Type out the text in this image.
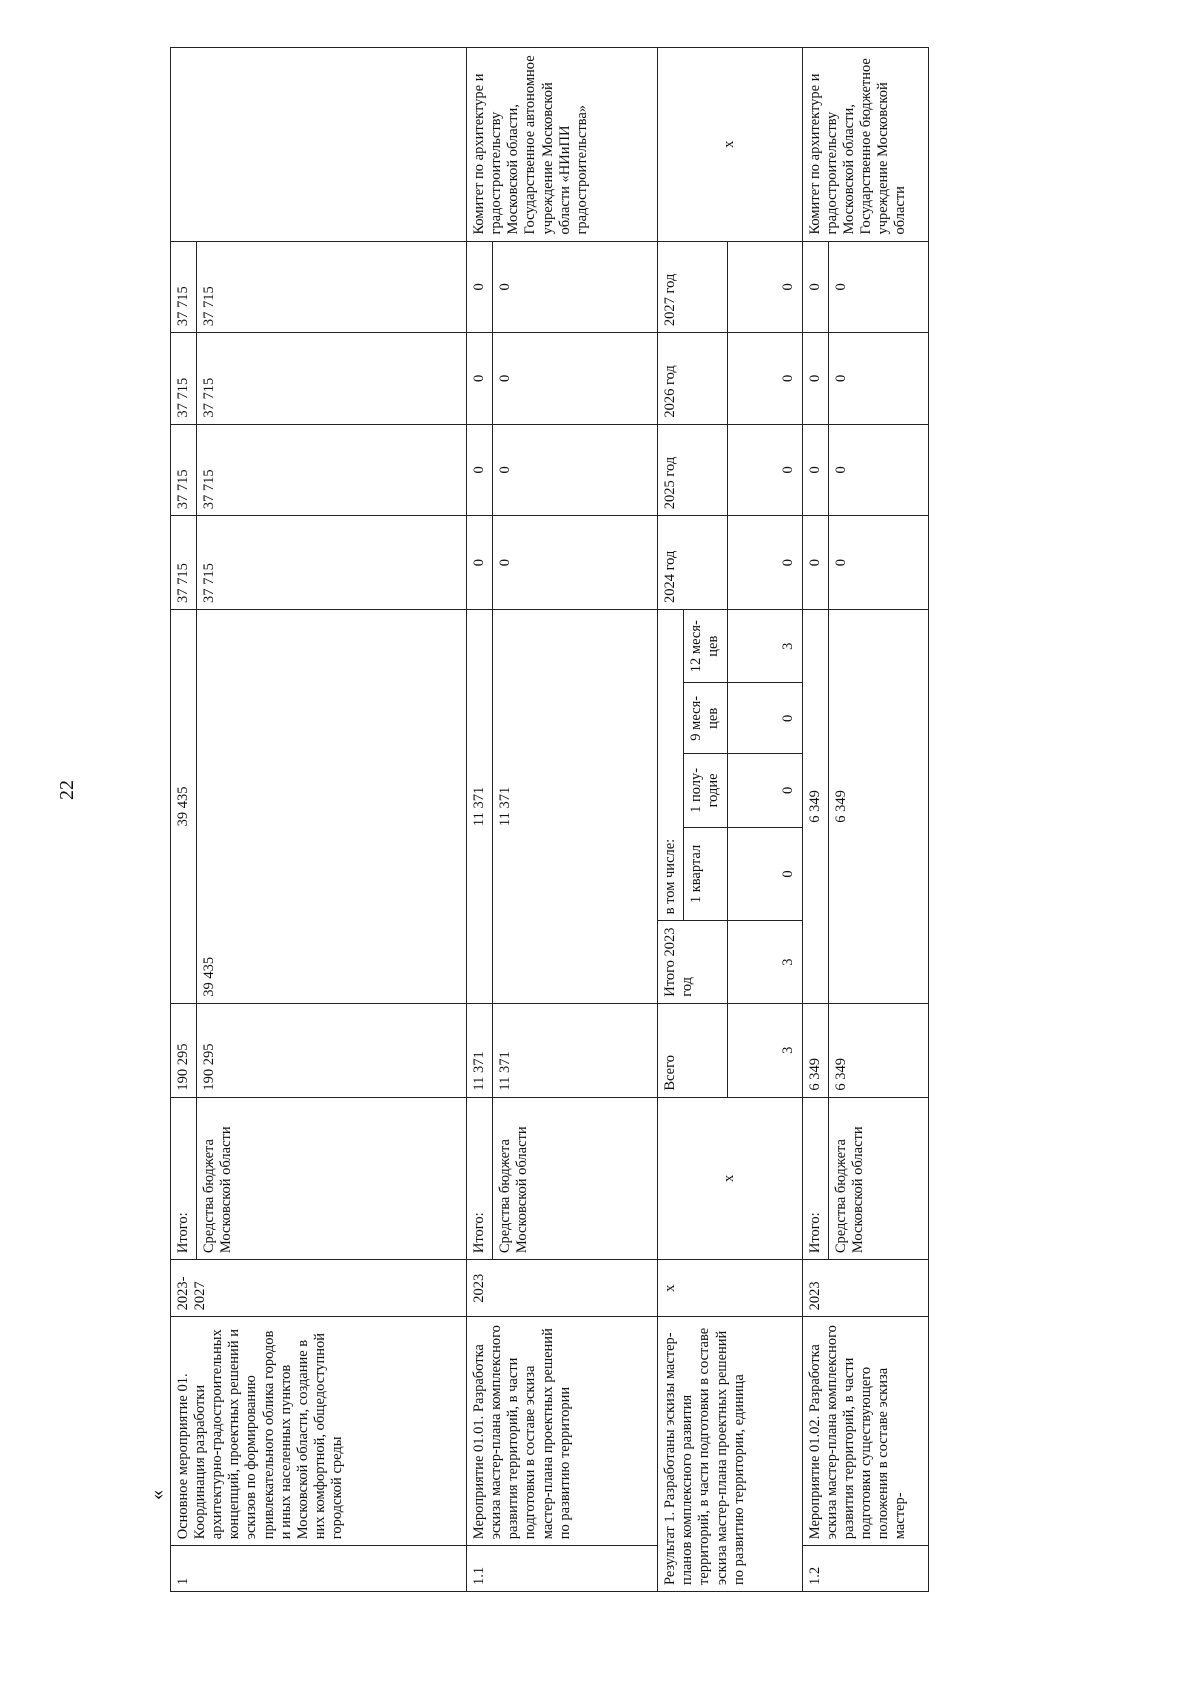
22
«
1	Основное мероприятие 01. Координация разработки архитектурно-градостроительных концепций, проектных решений и эскизов по формированию привлекательного облика городов и иных населенных пунктов Московской области, создание в них комфортной, общедоступной городской среды	2023-2027	Итого:	190 295	39 435					37 715	37 715	37 715	37 715	
			Средства бюджета Московской области	190 295	39 435					37 715	37 715	37 715	37 715	
1.1	Мероприятие 01.01. Разработка эскиза мастер-плана комплексного развития территорий, в части подготовки в составе эскиза мастер-плана проектных решений по развитию территории	2023	Итого:	11 371	11 371					0	0	0	0	Комитет по архитектуре и градостроительству Московской области, Государственное автономное учреждение Московской области «НИиПИ градостроительства»
			Средства бюджета Московской области	11 371	11 371					0	0	0	0	
Результат 1. Разработаны эскизы мастер-планов комплексного развития территорий, в части подготовки в составе эскиза мастер-плана проектных решений по развитию территории, единица		х	х	Всего	Итого 2023 год	в том числе:				2024 год	2025 год	2026 год	2027 год	х
						1 квартал	1 полу-годие	9 меся-цев	12 меся-цев					
				3	3	0	0	0	3	0	0	0	0	
1.2	Мероприятие 01.02. Разработка эскиза мастер-плана комплексного развития территорий, в части подготовки существующего положения в составе эскиза мастер-	2023	Итого:	6 349	6 349					0	0	0	0	Комитет по архитектуре и градостроительству Московской области, Государственное бюджетное учреждение Московской области
			Средства бюджета Московской области	6 349	6 349					0	0	0	0	
